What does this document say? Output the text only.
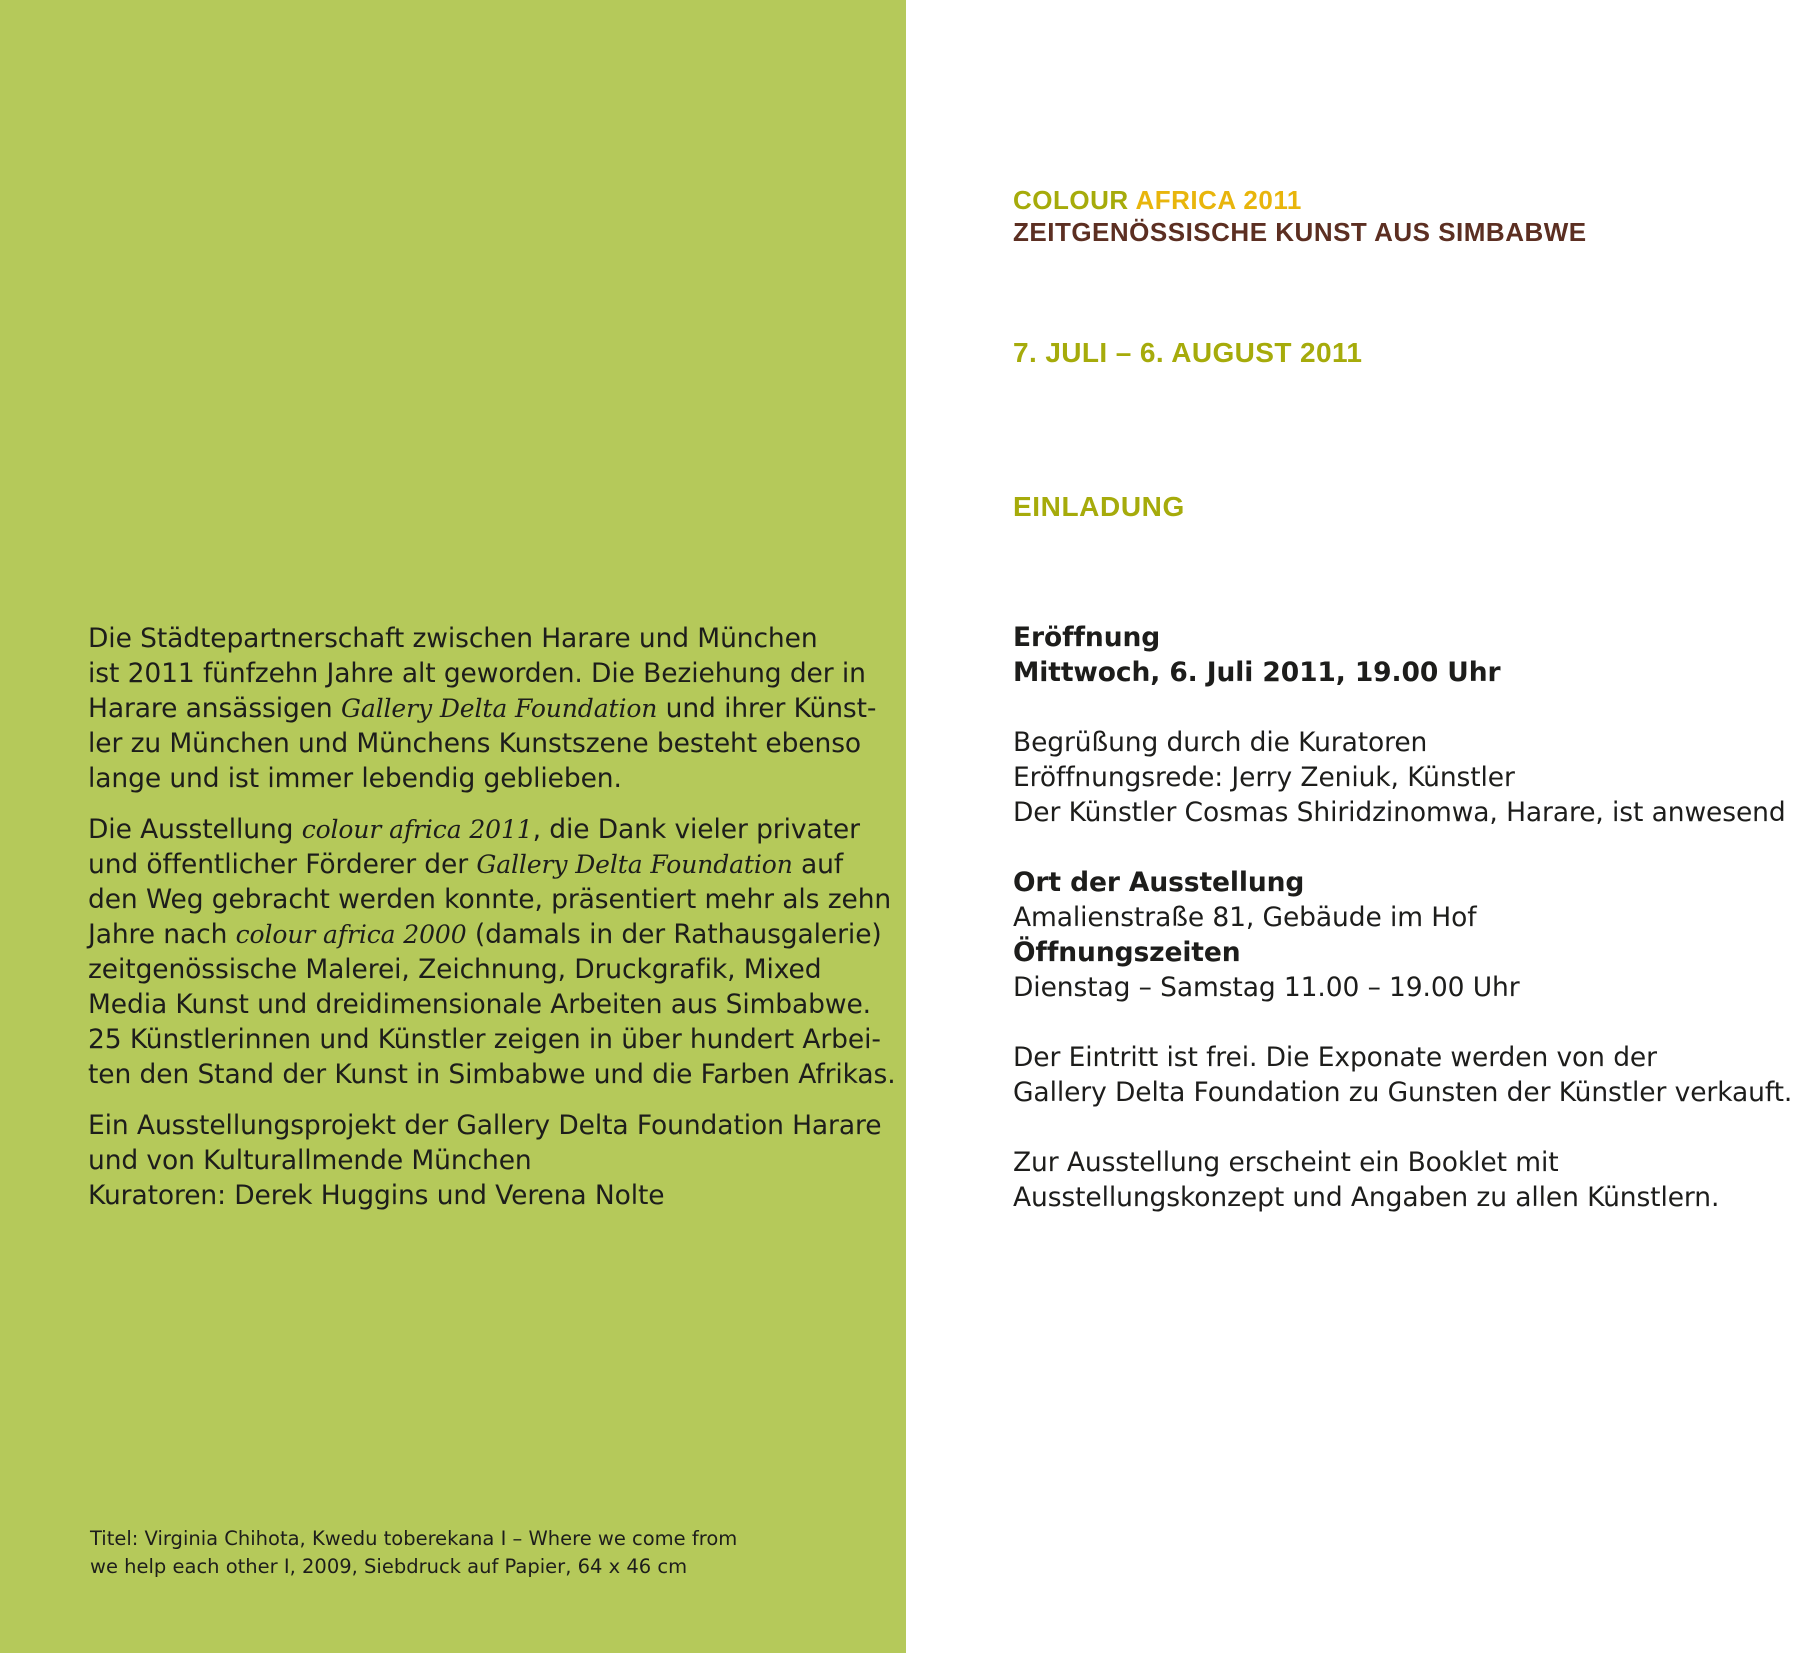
Die Städtepartnerschaft zwischen Harare und München
ist 2011 fünfzehn Jahre alt geworden. Die Beziehung der in
Harare ansässigen Gallery Delta Foundation und ihrer Künst-
ler zu München und Münchens Kunstszene besteht ebenso
lange und ist immer lebendig geblieben.

Die Ausstellung colour africa 2011, die Dank vieler privater
und öffentlicher Förderer der Gallery Delta Foundation auf
den Weg gebracht werden konnte, präsentiert mehr als zehn
Jahre nach colour africa 2000 (damals in der Rathausgalerie)
zeitgenössische Malerei, Zeichnung, Druckgrafik, Mixed
Media Kunst und dreidimensionale Arbeiten aus Simbabwe.
25 Künstlerinnen und Künstler zeigen in über hundert Arbei-
ten den Stand der Kunst in Simbabwe und die Farben Afrikas.

Ein Ausstellungsprojekt der Gallery Delta Foundation Harare
und von Kulturallmende München
Kuratoren: Derek Huggins und Verena Nolte

Titel: Virginia Chihota, Kwedu toberekana I – Where we come from
we help each other I, 2009, Siebdruck auf Papier, 64 x 46 cm
COLOUR AFRICA 2011
ZEITGENÖSSISCHE KUNST AUS SIMBABWE
7. JULI – 6. AUGUST 2011
EINLADUNG
Eröffnung
Mittwoch, 6. Juli 2011, 19.00 Uhr
Begrüßung durch die Kuratoren
Eröffnungsrede: Jerry Zeniuk, Künstler
Der Künstler Cosmas Shiridzinomwa, Harare, ist anwesend
Ort der Ausstellung
Amalienstraße 81, Gebäude im Hof
Öffnungszeiten
Dienstag – Samstag 11.00 – 19.00 Uhr
Der Eintritt ist frei. Die Exponate werden von der
Gallery Delta Foundation zu Gunsten der Künstler verkauft.
Zur Ausstellung erscheint ein Booklet mit
Ausstellungskonzept und Angaben zu allen Künstlern.
